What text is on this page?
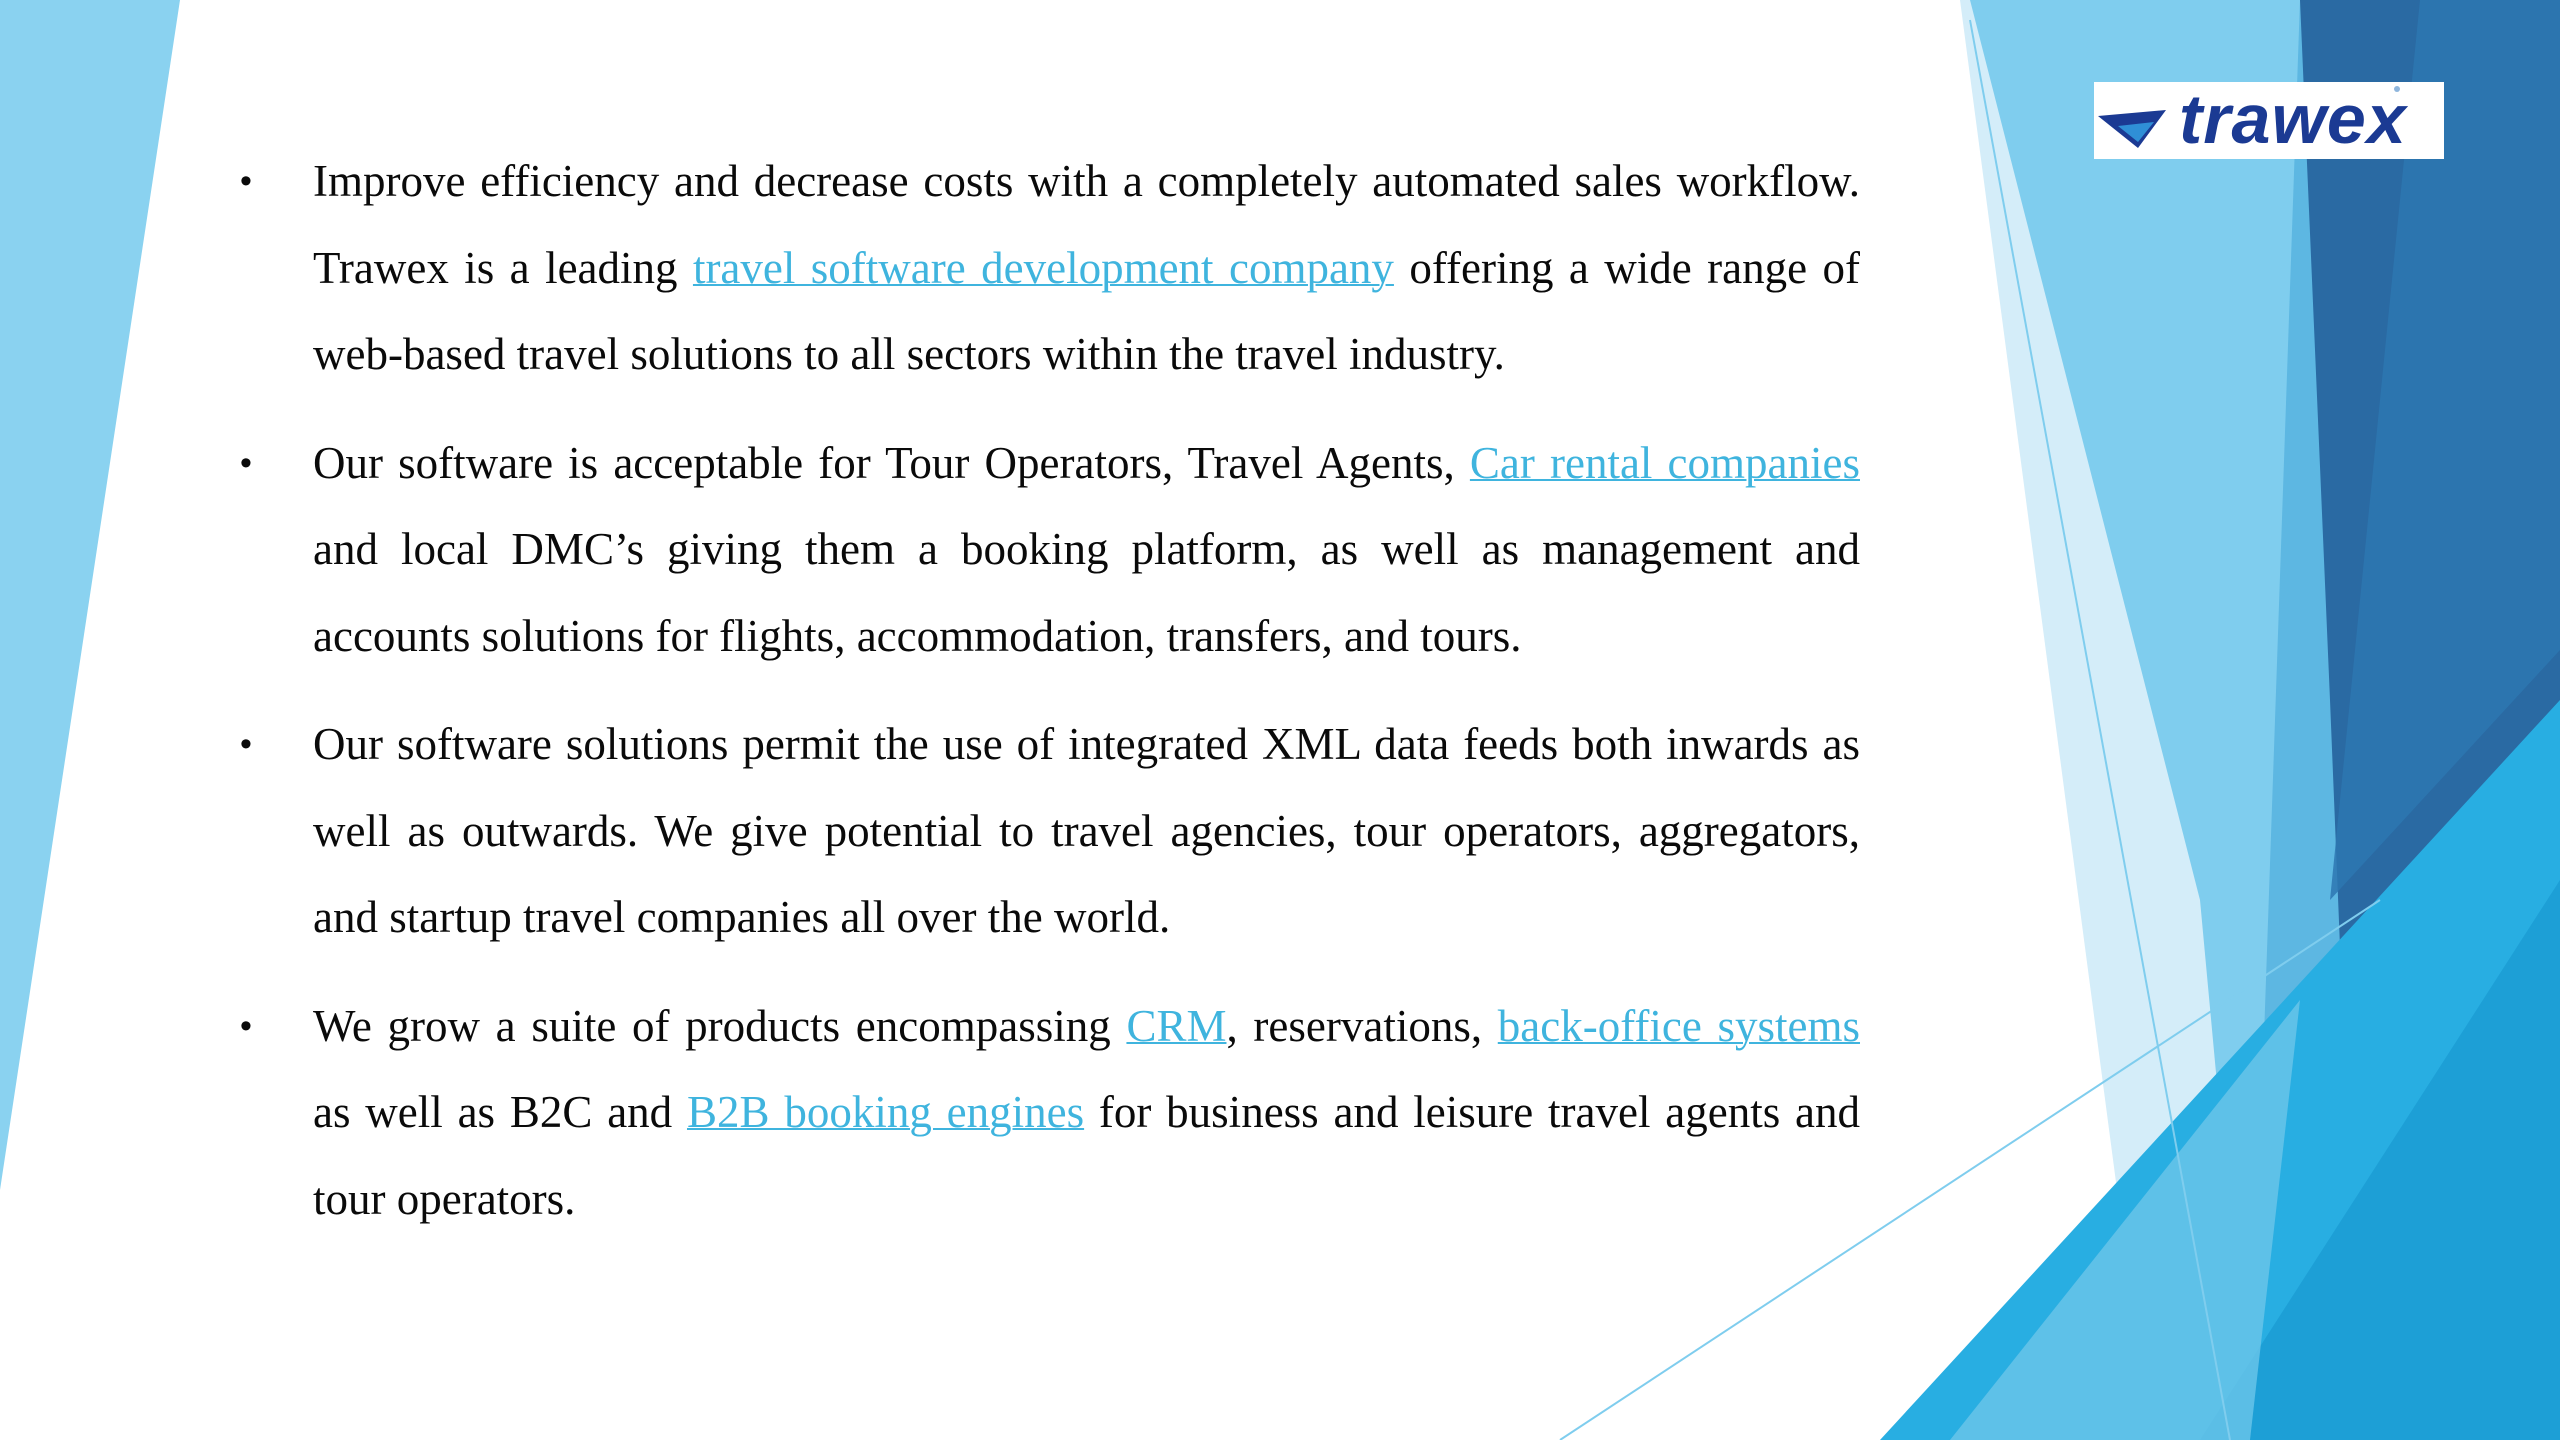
trawex
• Improve efficiency and decrease costs with a completely automated sales workflow. Trawex is a leading travel software development company offering a wide range of web-based travel solutions to all sectors within the travel industry.
• Our software is acceptable for Tour Operators, Travel Agents, Car rental companies and local DMC’s giving them a booking platform, as well as management and accounts solutions for flights, accommodation, transfers, and tours.
• Our software solutions permit the use of integrated XML data feeds both inwards as well as outwards. We give potential to travel agencies, tour operators, aggregators, and startup travel companies all over the world.
• We grow a suite of products encompassing CRM, reservations, back-office systems as well as B2C and B2B booking engines for business and leisure travel agents and tour operators.
